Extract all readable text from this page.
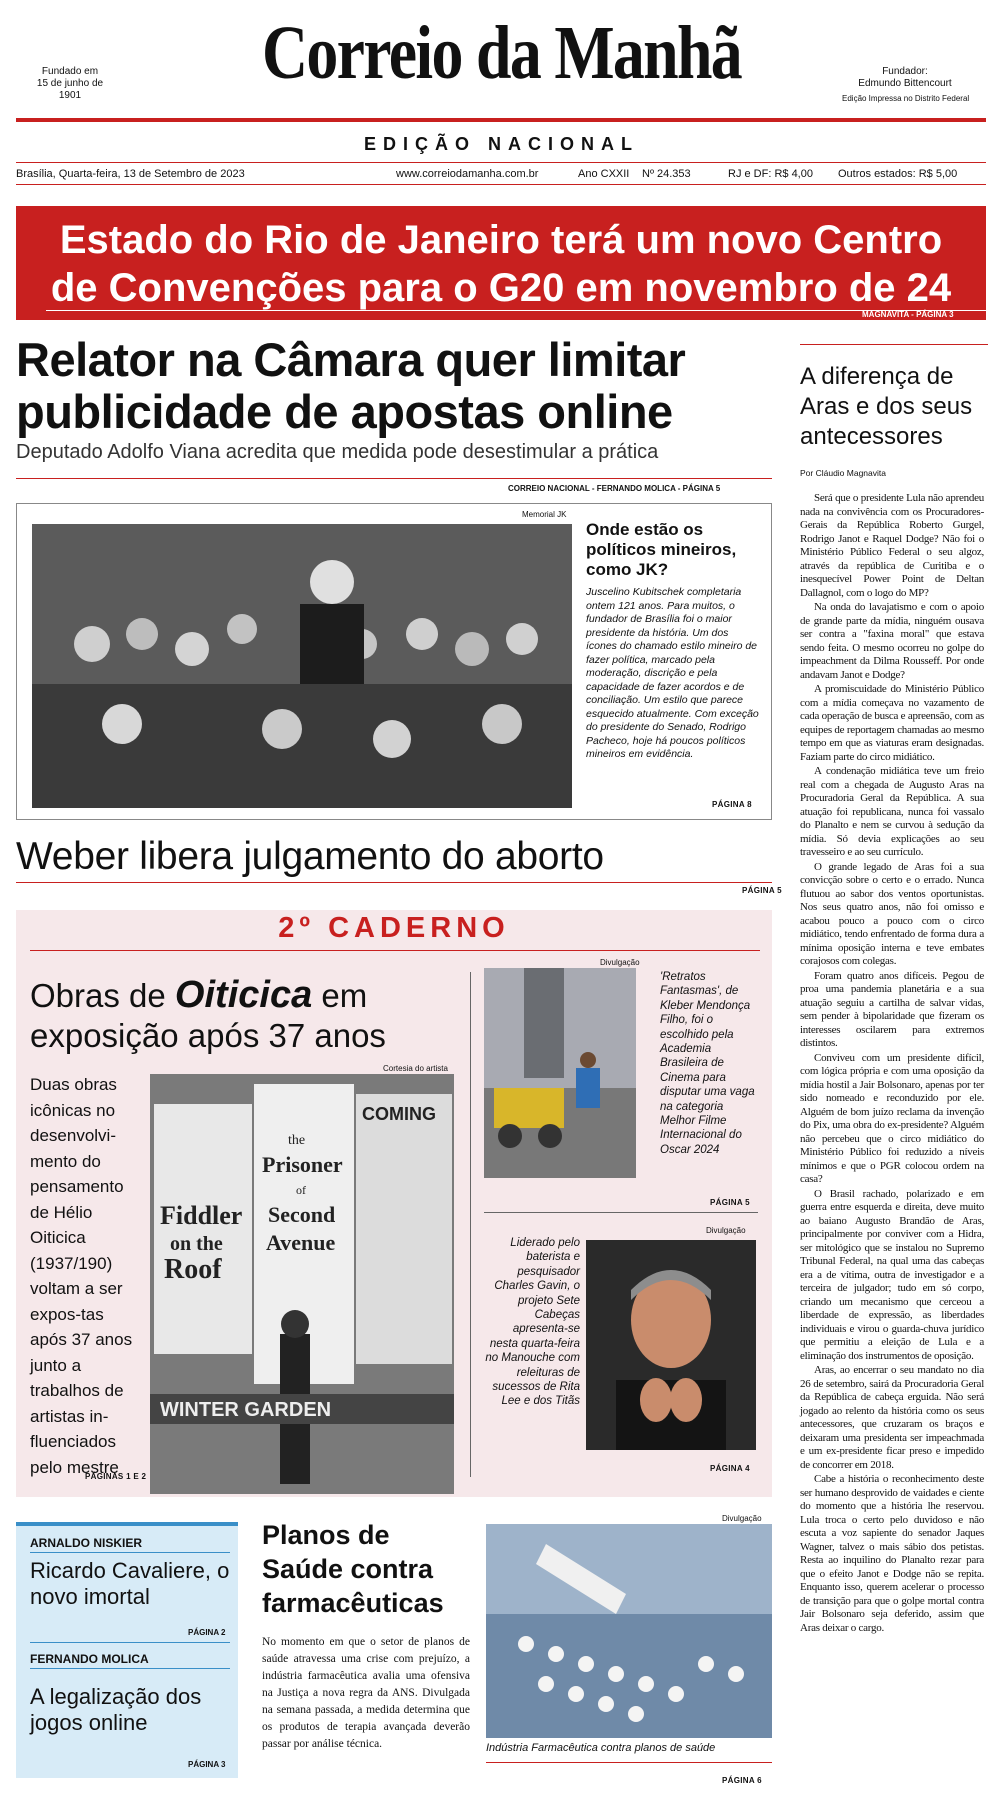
Fundado em
15 de junho de 1901
Correio da Manhã	Fundador:
Edmundo Bittencourt
Edição Impressa no Distrito Federal
EDIÇÃO NACIONAL
Brasília, Quarta-feira, 13 de Setembro de 2023	www.correiodamanha.com.br	Ano CXXII	Nº 24.353	RJ e DF: R$ 4,00	Outros estados: R$ 5,00
Estado do Rio de Janeiro terá um novo Centro de Convenções para o G20 em novembro de 24
MAGNAVITA - PÁGINA 3
Relator na Câmara quer limitar publicidade de apostas online
Deputado Adolfo Viana acredita que medida pode desestimular a prática
CORREIO NACIONAL - FERNANDO MOLICA - PÁGINA 5
Memorial JK
Onde estão os políticos mineiros, como JK?
Juscelino Kubitschek completaria ontem 121 anos. Para muitos, o fundador de Brasília foi o maior presidente da história. Um dos ícones do chamado estilo mineiro de fazer política, marcado pela moderação, discrição e pela capacidade de fazer acordos e de conciliação. Um estilo que parece esquecido atualmente. Com exceção do presidente do Senado, Rodrigo Pacheco, hoje há poucos políticos mineiros em evidência.
PÁGINA 8
Weber libera julgamento do aborto
PÁGINA 5
2º CADERNO
Obras de Oiticica em exposição após 37 anos
Cortesia do artista
Duas obras icônicas no desenvolvi-mento do pensamento de Hélio Oiticica (1937/190) voltam a ser expos-tas após 37 anos junto a trabalhos de artistas in-fluenciados pelo mestre
Fiddler
on the
Roof
the
Prisoner
of
Second
Avenue
COMING
WINTER GARDEN
PÁGINAS 1 E 2
Divulgação
'Retratos Fantasmas', de Kleber Mendonça Filho, foi o escolhido pela Academia Brasileira de Cinema para disputar uma vaga na categoria Melhor Filme Internacional do Oscar 2024
PÁGINA 5
Divulgação
Liderado pelo baterista e pesquisador Charles Gavin, o projeto Sete Cabeças apresenta-se nesta quarta-feira no Manouche com releituras de sucessos de Rita Lee e dos Titãs
PÁGINA 4
ARNALDO NISKIER
Ricardo Cavaliere, o novo imortal
PÁGINA 2
FERNANDO MOLICA
A legalização dos jogos online
PÁGINA 3
Planos de Saúde contra farmacêuticas
No momento em que o setor de planos de saúde atravessa uma crise com prejuízo, a indústria farmacêutica avalia uma ofensiva na Justiça a nova regra da ANS. Divulgada na semana passada, a medida determina que os produtos de terapia avançada deverão passar por análise técnica.
Divulgação
Indústria Farmacêutica contra planos de saúde
PÁGINA 6
A diferença de Aras e dos seus antecessores
Por Cláudio Magnavita

Será que o presidente Lula não aprendeu nada na convivência com os Procuradores-Gerais da República Roberto Gurgel, Rodrigo Janot e Raquel Dodge? Não foi o Ministério Público Federal o seu algoz, através da república de Curitiba e o inesquecível Power Point de Deltan Dallagnol, com o logo do MP?

Na onda do lavajatismo e com o apoio de grande parte da mídia, ninguém ousava ser contra a "faxina moral" que estava sendo feita. O mesmo ocorreu no golpe do impeachment da Dilma Rousseff. Por onde andavam Janot e Dodge?

A promiscuidade do Ministério Público com a mídia começava no vazamento de cada operação de busca e apreensão, com as equipes de reportagem chamadas ao mesmo tempo em que as viaturas eram designadas. Faziam parte do circo midiático.

A condenação midiática teve um freio real com a chegada de Augusto Aras na Procuradoria Geral da República. A sua atuação foi republicana, nunca foi vassalo do Planalto e nem se curvou à sedução da mídia. Só devia explicações ao seu travesseiro e ao seu currículo.

O grande legado de Aras foi a sua convicção sobre o certo e o errado. Nunca flutuou ao sabor dos ventos oportunistas. Nos seus quatro anos, não foi omisso e acabou pouco a pouco com o circo midiático, tendo enfrentado de forma dura a mínima oposição interna e teve embates corajosos com colegas.

Foram quatro anos difíceis. Pegou de proa uma pandemia planetária e a sua atuação seguiu a cartilha de salvar vidas, sem pender à bipolaridade que fizeram os interesses oscilarem para extremos distintos.

Conviveu com um presidente difícil, com lógica própria e com uma oposição da mídia hostil a Jair Bolsonaro, apenas por ter sido nomeado e reconduzido por ele. Alguém de bom juízo reclama da invenção do Pix, uma obra do ex-presidente? Alguém não percebeu que o circo midiático do Ministério Público foi reduzido a níveis mínimos e que o PGR colocou ordem na casa?

O Brasil rachado, polarizado e em guerra entre esquerda e direita, deve muito ao baiano Augusto Brandão de Aras, principalmente por conviver com a Hidra, ser mitológico que se instalou no Supremo Tribunal Federal, na qual uma das cabeças era a de vítima, outra de investigador e a terceira de julgador; tudo em só corpo, criando um mecanismo que cerceou a liberdade de expressão, as liberdades individuais e virou o guarda-chuva jurídico que permitiu a eleição de Lula e a eliminação dos instrumentos de oposição.

Aras, ao encerrar o seu mandato no dia 26 de setembro, sairá da Procuradoria Geral da República de cabeça erguida. Não será jogado ao relento da história como os seus antecessores, que cruzaram os braços e deixaram uma presidenta ser impeachmada e um ex-presidente ficar preso e impedido de concorrer em 2018.

Cabe a história o reconhecimento deste ser humano desprovido de vaidades e ciente do momento que a história lhe reservou. Lula troca o certo pelo duvidoso e não escuta a voz sapiente do senador Jaques Wagner, talvez o mais sábio dos petistas. Resta ao inquilino do Planalto rezar para que o efeito Janot e Dodge não se repita. Enquanto isso, querem acelerar o processo de transição para que o golpe mortal contra Jair Bolsonaro seja deferido, assim que Aras deixar o cargo.
